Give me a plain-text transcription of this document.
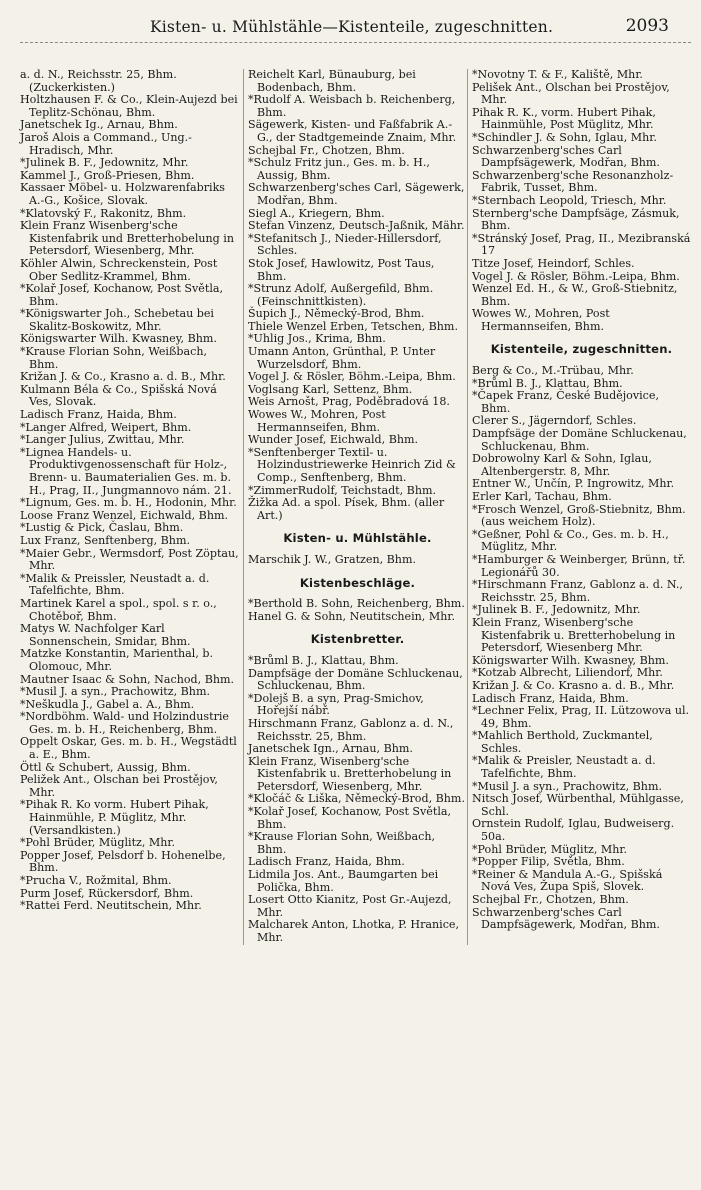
Kisten- u. Mühlstähle—Kistenteile, zugeschnitten.	2093
a. d. N., Reichsstr. 25, Bhm. (Zuckerkisten.)
Holtzhausen F. & Co., Klein-Aujezd bei Teplitz-Schönau, Bhm.
Janetschek Ig., Arnau, Bhm.
Jaroš Alois a Command., Ung.-Hradisch, Mhr.
*Julinek B. F., Jedownitz, Mhr.
Kammel J., Groß-Priesen, Bhm.
Kassaer Möbel- u. Holzwarenfabriks A.-G., Košice, Slovak.
*Klatovský F., Rakonitz, Bhm.
Klein Franz Wisenberg'sche Kistenfabrik und Bretterhobelung in Petersdorf, Wiesenberg, Mhr.
Köhler Alwin, Schreckenstein, Post Ober Sedlitz-Krammel, Bhm.
*Kolař Josef, Kochanow, Post Světla, Bhm.
*Königswarter Joh., Schebetau bei Skalitz-Boskowitz, Mhr.
Königswarter Wilh. Kwasney, Bhm.
*Krause Florian Sohn, Weißbach, Bhm.
Križan J. & Co., Krasno a. d. B., Mhr.
Kulmann Béla & Co., Spišská Nová Ves, Slovak.
Ladisch Franz, Haida, Bhm.
*Langer Alfred, Weipert, Bhm.
*Langer Julius, Zwittau, Mhr.
*Lignea Handels- u. Produktivgenossenschaft für Holz-, Brenn- u. Baumaterialien Ges. m. b. H., Prag, II., Jungmannovo nám. 21.
*Lignum, Ges. m. b. H., Hodonin, Mhr.
Loose Franz Wenzel, Eichwald, Bhm.
*Lustig & Pick, Časlau, Bhm.
Lux Franz, Senftenberg, Bhm.
*Maier Gebr., Wermsdorf, Post Zöptau, Mhr.
*Malik & Preissler, Neustadt a. d. Tafelfichte, Bhm.
Martinek Karel a spol., spol. s r. o., Chotěboř, Bhm.
Matys W. Nachfolger Karl Sonnenschein, Smidar, Bhm.
Matzke Konstantin, Marienthal, b. Olomouc, Mhr.
Mautner Isaac & Sohn, Nachod, Bhm.
*Musil J. a syn., Prachowitz, Bhm.
*Neškudla J., Gabel a. A., Bhm.
*Nordböhm. Wald- und Holzindustrie Ges. m. b. H., Reichenberg, Bhm.
Oppelt Oskar, Ges. m. b. H., Wegstädtl a. E., Bhm.
Öttl & Schubert, Aussig, Bhm.
Peližek Ant., Olschan bei Prostějov, Mhr.
*Pihak R. Ko vorm. Hubert Pihak, Hainmühle, P. Müglitz, Mhr. (Versandkisten.)
*Pohl Brüder, Müglitz, Mhr.
Popper Josef, Pelsdorf b. Hohenelbe, Bhm.
*Prucha V., Rožmital, Bhm.
Purm Josef, Rückersdorf, Bhm.
*Rattei Ferd. Neutitschein, Mhr.
Reichelt Karl, Bünauburg, bei Bodenbach, Bhm.
*Rudolf A. Weisbach b. Reichenberg, Bhm.
Sägewerk, Kisten- und Faßfabrik A.-G., der Stadtgemeinde Znaim, Mhr.
Schejbal Fr., Chotzen, Bhm.
*Schulz Fritz jun., Ges. m. b. H., Aussig, Bhm.
Schwarzenberg'sches Carl, Sägewerk, Modřan, Bhm.
Siegl A., Kriegern, Bhm.
Stefan Vinzenz, Deutsch-Jaßnik, Mähr.
*Stefanitsch J., Nieder-Hillersdorf, Schles.
Stok Josef, Hawlowitz, Post Taus, Bhm.
*Strunz Adolf, Außergefild, Bhm. (Feinschnittkisten).
Šupich J., Německý-Brod, Bhm.
Thiele Wenzel Erben, Tetschen, Bhm.
*Uhlig Jos., Krima, Bhm.
Umann Anton, Grünthal, P. Unter Wurzelsdorf, Bhm.
Vogel J. & Rösler, Böhm.-Leipa, Bhm.
Voglsang Karl, Settenz, Bhm.
Weis Arnošt, Prag, Poděbradová 18.
Wowes W., Mohren, Post Hermannseifen, Bhm.
Wunder Josef, Eichwald, Bhm.
*Senftenberger Textil- u. Holzindustriewerke Heinrich Zid & Comp., Senftenberg, Bhm.
*ZimmerRudolf, Teichstadt, Bhm.
Žižka Ad. a spol. Písek, Bhm. (aller Art.)
Kisten- u. Mühlstähle.
Marschik J. W., Gratzen, Bhm.
Kistenbeschläge.
*Berthold B. Sohn, Reichenberg, Bhm.
Hanel G. & Sohn, Neutitschein, Mhr.
Kistenbretter.
*Brůml B. J., Klattau, Bhm.
Dampfsäge der Domäne Schluckenau, Schluckenau, Bhm.
*Dolejš B. a syn, Prag-Smichov, Hořejší nábř.
Hirschmann Franz, Gablonz a. d. N., Reichsstr. 25, Bhm.
Janetschek Ign., Arnau, Bhm.
Klein Franz, Wisenberg'sche Kistenfabrik u. Bretterhobelung in Petersdorf, Wiesenberg, Mhr.
*Kločáč & Liška, Německý-Brod, Bhm.
*Kolař Josef, Kochanow, Post Světla, Bhm.
*Krause Florian Sohn, Weißbach, Bhm.
Ladisch Franz, Haida, Bhm.
Lidmila Jos. Ant., Baumgarten bei Polička, Bhm.
Losert Otto Kianitz, Post Gr.-Aujezd, Mhr.
Malcharek Anton, Lhotka, P. Hranice, Mhr.
*Novotny T. & F., Kaliště, Mhr.
Pelišek Ant., Olschan bei Prostějov, Mhr.
Pihak R. K., vorm. Hubert Pihak, Hainmühle, Post Müglitz, Mhr.
*Schindler J. & Sohn, Iglau, Mhr.
Schwarzenberg'sches Carl Dampfsägewerk, Modřan, Bhm.
Schwarzenberg'sche Resonanzholz-Fabrik, Tusset, Bhm.
*Sternbach Leopold, Triesch, Mhr.
Sternberg'sche Dampfsäge, Zásmuk, Bhm.
*Stránský Josef, Prag, II., Mezibranská 17
Titze Josef, Heindorf, Schles.
Vogel J. & Rösler, Böhm.-Leipa, Bhm.
Wenzel Ed. H., & W., Groß-Stiebnitz, Bhm.
Wowes W., Mohren, Post Hermannseifen, Bhm.
Kistenteile, zugeschnitten.
Berg & Co., M.-Trübau, Mhr.
*Brůml B. J., Klattau, Bhm.
*Čapek Franz, České Budějovice, Bhm.
Clerer S., Jägerndorf, Schles.
Dampfsäge der Domäne Schluckenau, Schluckenau, Bhm.
Dobrowolny Karl & Sohn, Iglau, Altenbergerstr. 8, Mhr.
Entner W., Unčín, P. Ingrowitz, Mhr.
Erler Karl, Tachau, Bhm.
*Frosch Wenzel, Groß-Stiebnitz, Bhm. (aus weichem Holz).
*Geßner, Pohl & Co., Ges. m. b. H., Müglitz, Mhr.
*Hamburger & Weinberger, Brünn, tř. Legionářů 30.
*Hirschmann Franz, Gablonz a. d. N., Reichsstr. 25, Bhm.
*Julinek B. F., Jedownitz, Mhr.
Klein Franz, Wisenberg'sche Kistenfabrik u. Bretterhobelung in Petersdorf, Wiesenberg Mhr.
Königswarter Wilh. Kwasney, Bhm.
*Kotzab Albrecht, Liliendorf, Mhr.
Križan J. & Co. Krasno a. d. B., Mhr.
Ladisch Franz, Haida, Bhm.
*Lechner Felix, Prag, II. Lützowova ul. 49, Bhm.
*Mahlich Berthold, Zuckmantel, Schles.
*Malik & Preisler, Neustadt a. d. Tafelfichte, Bhm.
*Musil J. a syn., Prachowitz, Bhm.
Nitsch Josef, Würbenthal, Mühlgasse, Schl.
Ornstein Rudolf, Iglau, Budweiserg. 50a.
*Pohl Brüder, Müglitz, Mhr.
*Popper Filip, Světla, Bhm.
*Reiner & Mandula A.-G., Spišská Nová Ves, Župa Spiš, Slovek.
Schejbal Fr., Chotzen, Bhm.
Schwarzenberg'sches Carl Dampfsägewerk, Modřan, Bhm.
